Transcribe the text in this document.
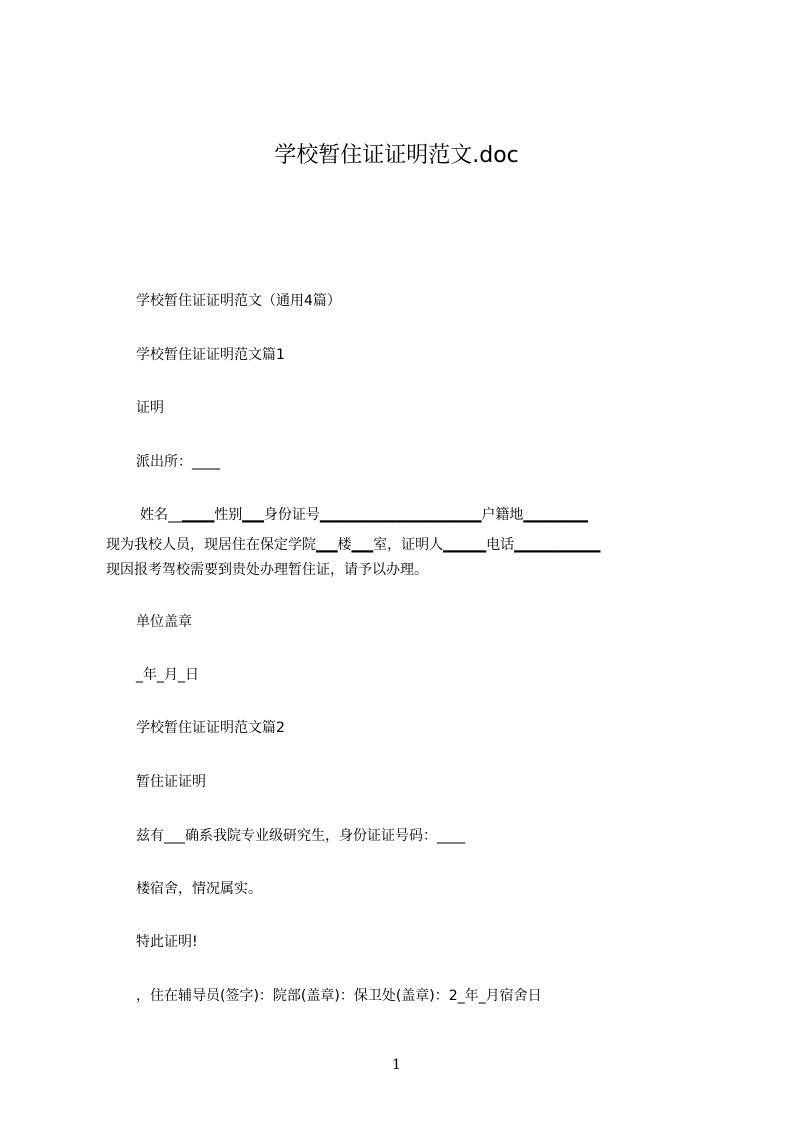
学校暂住证证明范文.doc
学校暂住证证明范文（通用4篇）
学校暂住证证明范文篇1
证明
派出所：____
姓名__▁▁▁性别▁▁身份证号▁▁▁▁▁▁▁▁▁▁▁▁▁▁▁户籍地▁▁▁▁▁▁
现为我校人员，现居住在保定学院▁▁楼▁▁室，证明人▁▁▁▁电话▁▁▁▁▁▁▁▁
现因报考驾校需要到贵处办理暂住证，请予以办理。
单位盖章
_年_月_日
学校暂住证证明范文篇2
暂住证证明
兹有___确系我院专业级研究生，身份证证号码：____
楼宿舍，情况属实。
特此证明!
，住在辅导员(签字)：院部(盖章)：保卫处(盖章)：2_年_月宿舍日
1
